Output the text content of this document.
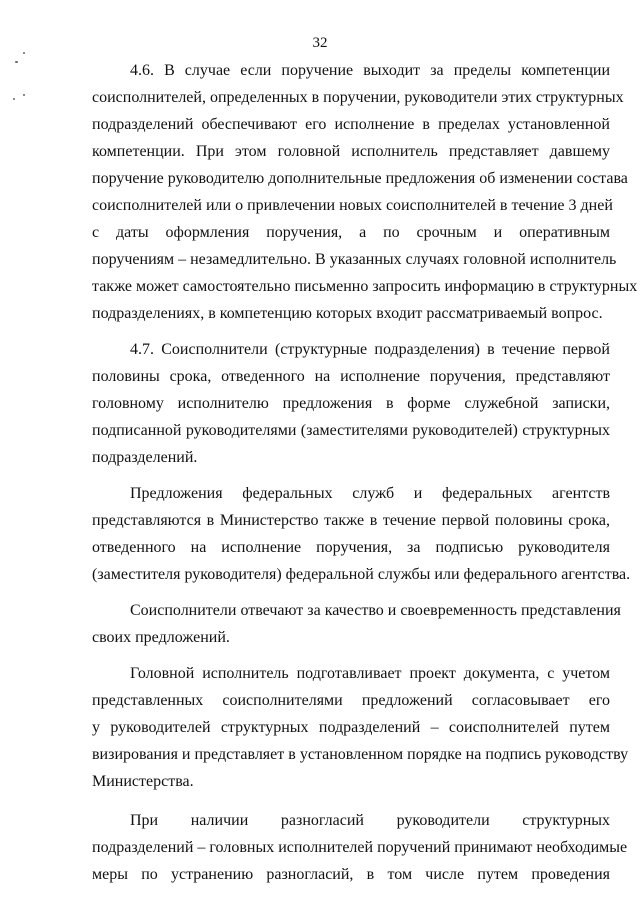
32
4.6. В случае если поручение выходит за пределы компетенции
соисполнителей, определенных в поручении, руководители этих структурных
подразделений обеспечивают его исполнение в пределах установленной
компетенции. При этом головной исполнитель представляет давшему
поручение руководителю дополнительные предложения об изменении состава
соисполнителей или о привлечении новых соисполнителей в течение 3 дней
с даты оформления поручения, а по срочным и оперативным
поручениям – незамедлительно. В указанных случаях головной исполнитель
также может самостоятельно письменно запросить информацию в структурных
подразделениях, в компетенцию которых входит рассматриваемый вопрос.
4.7. Соисполнители (структурные подразделения) в течение первой
половины срока, отведенного на исполнение поручения, представляют
головному исполнителю предложения в форме служебной записки,
подписанной руководителями (заместителями руководителей) структурных
подразделений.
Предложения федеральных служб и федеральных агентств
представляются в Министерство также в течение первой половины срока,
отведенного на исполнение поручения, за подписью руководителя
(заместителя руководителя) федеральной службы или федерального агентства.
Соисполнители отвечают за качество и своевременность представления
своих предложений.
Головной исполнитель подготавливает проект документа, с учетом
представленных соисполнителями предложений согласовывает его
у руководителей структурных подразделений – соисполнителей путем
визирования и представляет в установленном порядке на подпись руководству
Министерства.
При наличии разногласий руководители структурных
подразделений – головных исполнителей поручений принимают необходимые
меры по устранению разногласий, в том числе путем проведения
